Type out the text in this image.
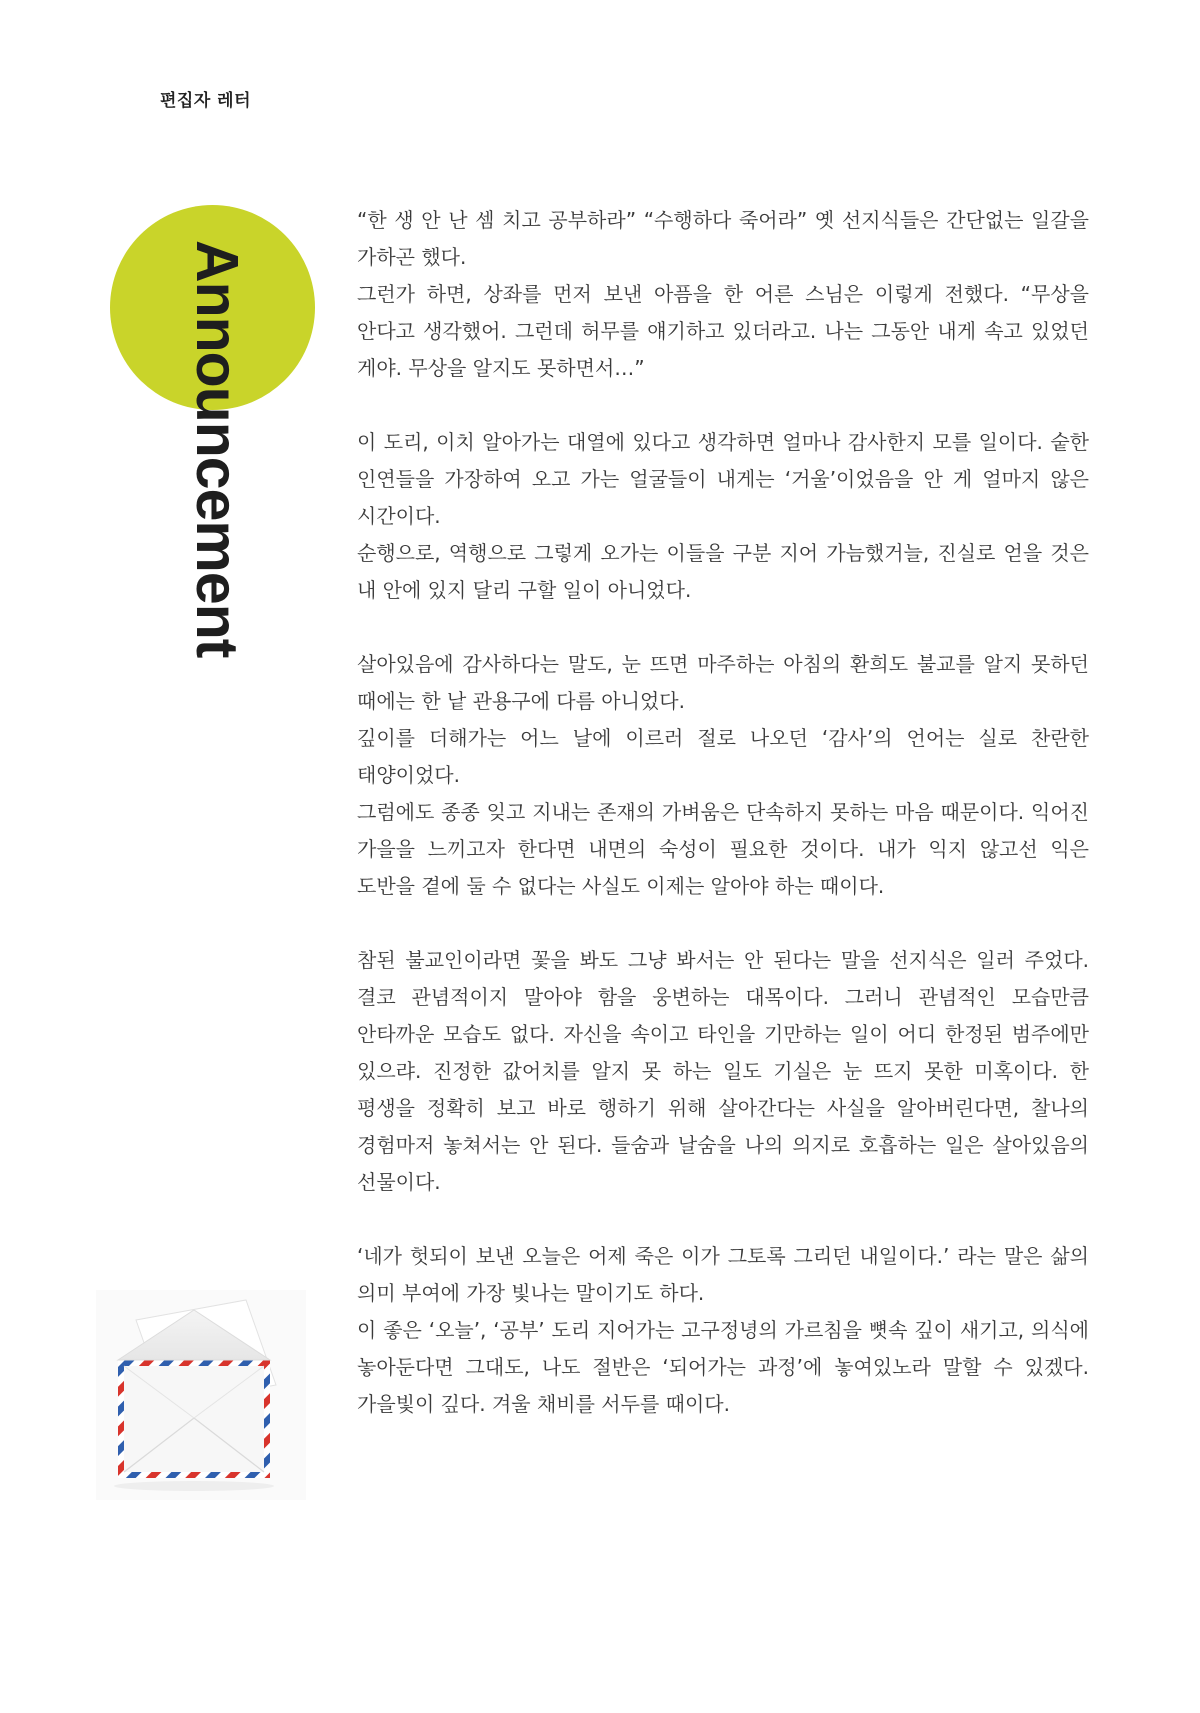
편집자 레터
Announcement

“한 생 안 난 셈 치고 공부하라” “수행하다 죽어라” 옛 선지식들은 간단없는 일갈을 가하곤 했다.

그런가 하면, 상좌를 먼저 보낸 아픔을 한 어른 스님은 이렇게 전했다. “무상을 안다고 생각했어. 그런데 허무를 얘기하고 있더라고. 나는 그동안 내게 속고 있었던 게야. 무상을 알지도 못하면서…”

이 도리, 이치 알아가는 대열에 있다고 생각하면 얼마나 감사한지 모를 일이다. 숱한 인연들을 가장하여 오고 가는 얼굴들이 내게는 ‘거울’이었음을 안 게 얼마지 않은 시간이다.

순행으로, 역행으로 그렇게 오가는 이들을 구분 지어 가늠했거늘, 진실로 얻을 것은 내 안에 있지 달리 구할 일이 아니었다.

살아있음에 감사하다는 말도, 눈 뜨면 마주하는 아침의 환희도 불교를 알지 못하던 때에는 한 낱 관용구에 다름 아니었다.

깊이를 더해가는 어느 날에 이르러 절로 나오던 ‘감사’의 언어는 실로 찬란한 태양이었다.

그럼에도 종종 잊고 지내는 존재의 가벼움은 단속하지 못하는 마음 때문이다. 익어진 가을을 느끼고자 한다면 내면의 숙성이 필요한 것이다. 내가 익지 않고선 익은 도반을 곁에 둘 수 없다는 사실도 이제는 알아야 하는 때이다.

참된 불교인이라면 꽃을 봐도 그냥 봐서는 안 된다는 말을 선지식은 일러 주었다. 결코 관념적이지 말아야 함을 웅변하는 대목이다. 그러니 관념적인 모습만큼 안타까운 모습도 없다. 자신을 속이고 타인을 기만하는 일이 어디 한정된 범주에만 있으랴. 진정한 값어치를 알지 못 하는 일도 기실은 눈 뜨지 못한 미혹이다. 한 평생을 정확히 보고 바로 행하기 위해 살아간다는 사실을 알아버린다면, 찰나의 경험마저 놓쳐서는 안 된다. 들숨과 날숨을 나의 의지로 호흡하는 일은 살아있음의 선물이다.

‘네가 헛되이 보낸 오늘은 어제 죽은 이가 그토록 그리던 내일이다.’ 라는 말은 삶의 의미 부여에 가장 빛나는 말이기도 하다.

이 좋은 ‘오늘’, ‘공부’ 도리 지어가는 고구정녕의 가르침을 뼛속 깊이 새기고, 의식에 놓아둔다면 그대도, 나도 절반은 ‘되어가는 과정’에 놓여있노라 말할 수 있겠다. 가을빛이 깊다. 겨울 채비를 서두를 때이다.
